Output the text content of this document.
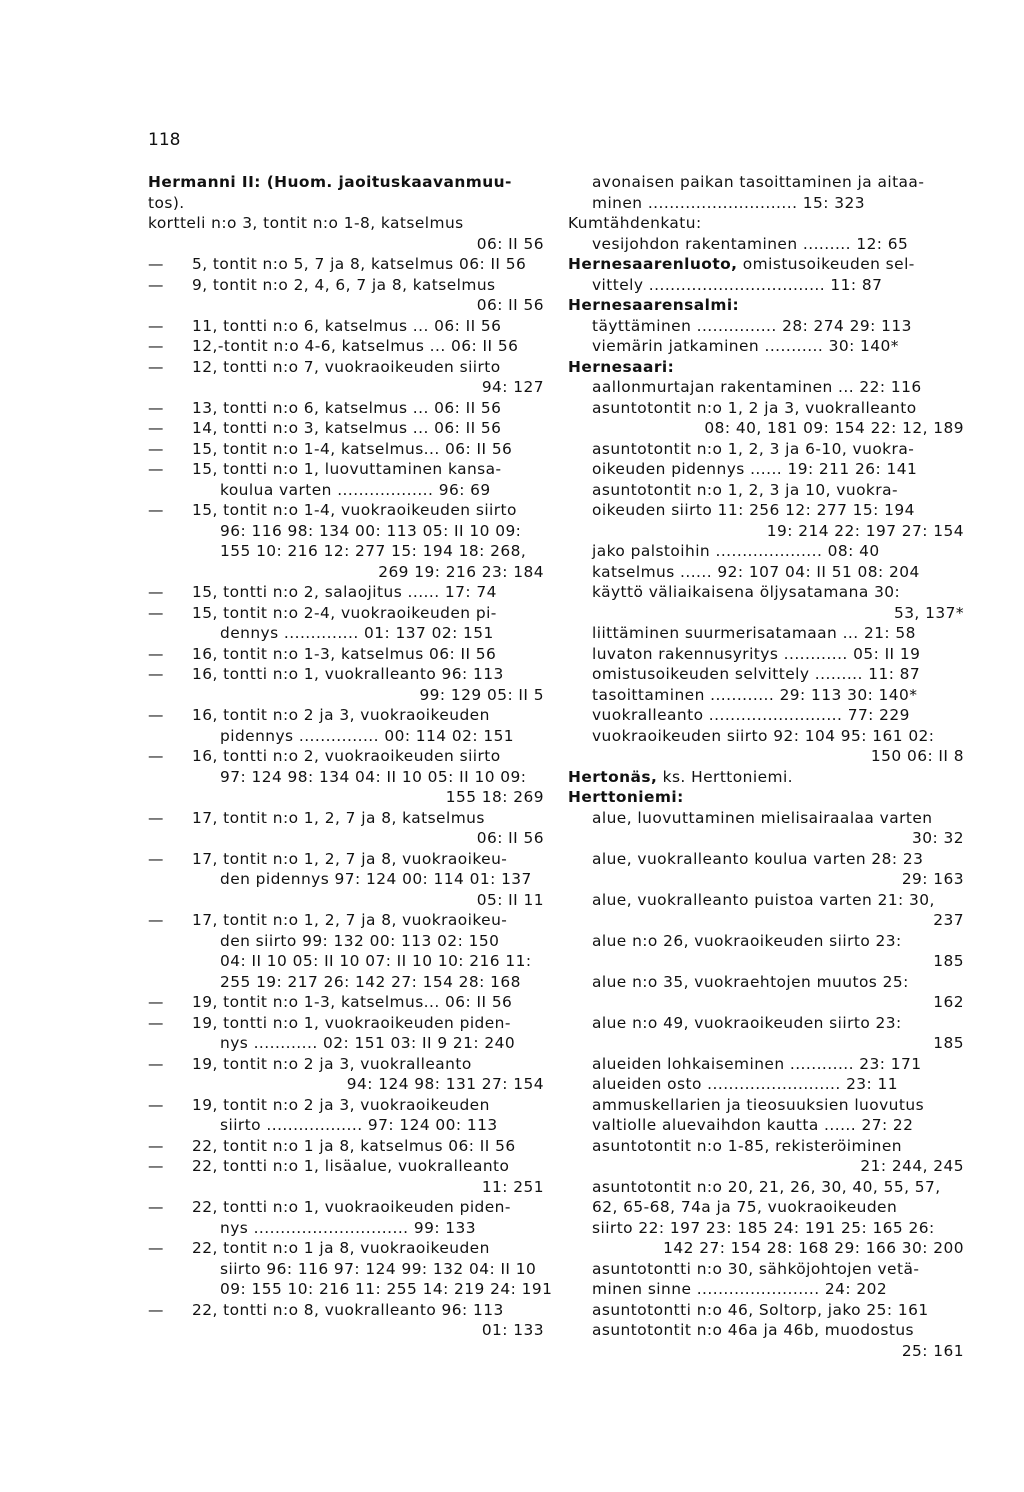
118
Hermanni II: (Huom. jaoituskaavanmuu-
tos).
kortteli n:o 3, tontit n:o 1-8, katselmus
06: II 56
— 5, tontit n:o 5, 7 ja 8, katselmus 06: II 56
— 9, tontit n:o 2, 4, 6, 7 ja 8, katselmus
06: II 56
— 11, tontti n:o 6, katselmus ... 06: II 56
— 12,-tontit n:o 4-6, katselmus ... 06: II 56
— 12, tontti n:o 7, vuokraoikeuden siirto
94: 127
— 13, tontti n:o 6, katselmus ... 06: II 56
— 14, tontti n:o 3, katselmus ... 06: II 56
— 15, tontit n:o 1-4, katselmus... 06: II 56
— 15, tontti n:o 1, luovuttaminen kansa-
koulua varten .................. 96: 69
— 15, tontit n:o 1-4, vuokraoikeuden siirto
96: 116 98: 134 00: 113 05: II 10 09:
155 10: 216 12: 277 15: 194 18: 268,
269 19: 216 23: 184
— 15, tontti n:o 2, salaojitus ...... 17: 74
— 15, tontit n:o 2-4, vuokraoikeuden pi-
dennys .............. 01: 137 02: 151
— 16, tontit n:o 1-3, katselmus 06: II 56
— 16, tontti n:o 1, vuokralleanto 96: 113
99: 129 05: II 5
— 16, tontit n:o 2 ja 3, vuokraoikeuden
pidennys ............... 00: 114 02: 151
— 16, tontti n:o 2, vuokraoikeuden siirto
97: 124 98: 134 04: II 10 05: II 10 09:
155 18: 269
— 17, tontit n:o 1, 2, 7 ja 8, katselmus
06: II 56
— 17, tontit n:o 1, 2, 7 ja 8, vuokraoikeu-
den pidennys 97: 124 00: 114 01: 137
05: II 11
— 17, tontit n:o 1, 2, 7 ja 8, vuokraoikeu-
den siirto 99: 132 00: 113 02: 150
04: II 10 05: II 10 07: II 10 10: 216 11:
255 19: 217 26: 142 27: 154 28: 168
— 19, tontit n:o 1-3, katselmus... 06: II 56
— 19, tontti n:o 1, vuokraoikeuden piden-
nys ............ 02: 151 03: II 9 21: 240
— 19, tontit n:o 2 ja 3, vuokralleanto
94: 124 98: 131 27: 154
— 19, tontit n:o 2 ja 3, vuokraoikeuden
siirto .................. 97: 124 00: 113
— 22, tontit n:o 1 ja 8, katselmus 06: II 56
— 22, tontti n:o 1, lisäalue, vuokralleanto
11: 251
— 22, tontti n:o 1, vuokraoikeuden piden-
nys ............................. 99: 133
— 22, tontit n:o 1 ja 8, vuokraoikeuden
siirto 96: 116 97: 124 99: 132 04: II 10
09: 155 10: 216 11: 255 14: 219 24: 191
— 22, tontti n:o 8, vuokralleanto 96: 113
01: 133
avonaisen paikan tasoittaminen ja aitaa-
minen ............................ 15: 323
Kumtähdenkatu:
vesijohdon rakentaminen ......... 12: 65
Hernesaarenluoto, omistusoikeuden sel-
vittely ................................. 11: 87
Hernesaarensalmi:
täyttäminen ............... 28: 274 29: 113
viemärin jatkaminen ........... 30: 140*
Hernesaari:
aallonmurtajan rakentaminen ... 22: 116
asuntotontit n:o 1, 2 ja 3, vuokralleanto
08: 40, 181 09: 154 22: 12, 189
asuntotontit n:o 1, 2, 3 ja 6-10, vuokra-
oikeuden pidennys ...... 19: 211 26: 141
asuntotontit n:o 1, 2, 3 ja 10, vuokra-
oikeuden siirto 11: 256 12: 277 15: 194
19: 214 22: 197 27: 154
jako palstoihin .................... 08: 40
katselmus ...... 92: 107 04: II 51 08: 204
käyttö väliaikaisena öljysatamana 30:
53, 137*
liittäminen suurmerisatamaan ... 21: 58
luvaton rakennusyritys ............ 05: II 19
omistusoikeuden selvittely ......... 11: 87
tasoittaminen ............ 29: 113 30: 140*
vuokralleanto ......................... 77: 229
vuokraoikeuden siirto 92: 104 95: 161 02:
150 06: II 8
Hertonäs, ks. Herttoniemi.
Herttoniemi:
alue, luovuttaminen mielisairaalaa varten
30: 32
alue, vuokralleanto koulua varten 28: 23
29: 163
alue, vuokralleanto puistoa varten 21: 30,
237
alue n:o 26, vuokraoikeuden siirto 23:
185
alue n:o 35, vuokraehtojen muutos 25:
162
alue n:o 49, vuokraoikeuden siirto 23:
185
alueiden lohkaiseminen ............ 23: 171
alueiden osto ......................... 23: 11
ammuskellarien ja tieosuuksien luovutus
valtiolle aluevaihdon kautta ...... 27: 22
asuntotontit n:o 1-85, rekisteröiminen
21: 244, 245
asuntotontit n:o 20, 21, 26, 30, 40, 55, 57,
62, 65-68, 74a ja 75, vuokraoikeuden
siirto 22: 197 23: 185 24: 191 25: 165 26:
142 27: 154 28: 168 29: 166 30: 200
asuntotontti n:o 30, sähköjohtojen vetä-
minen sinne ....................... 24: 202
asuntotontti n:o 46, Soltorp, jako 25: 161
asuntotontit n:o 46a ja 46b, muodostus
25: 161
